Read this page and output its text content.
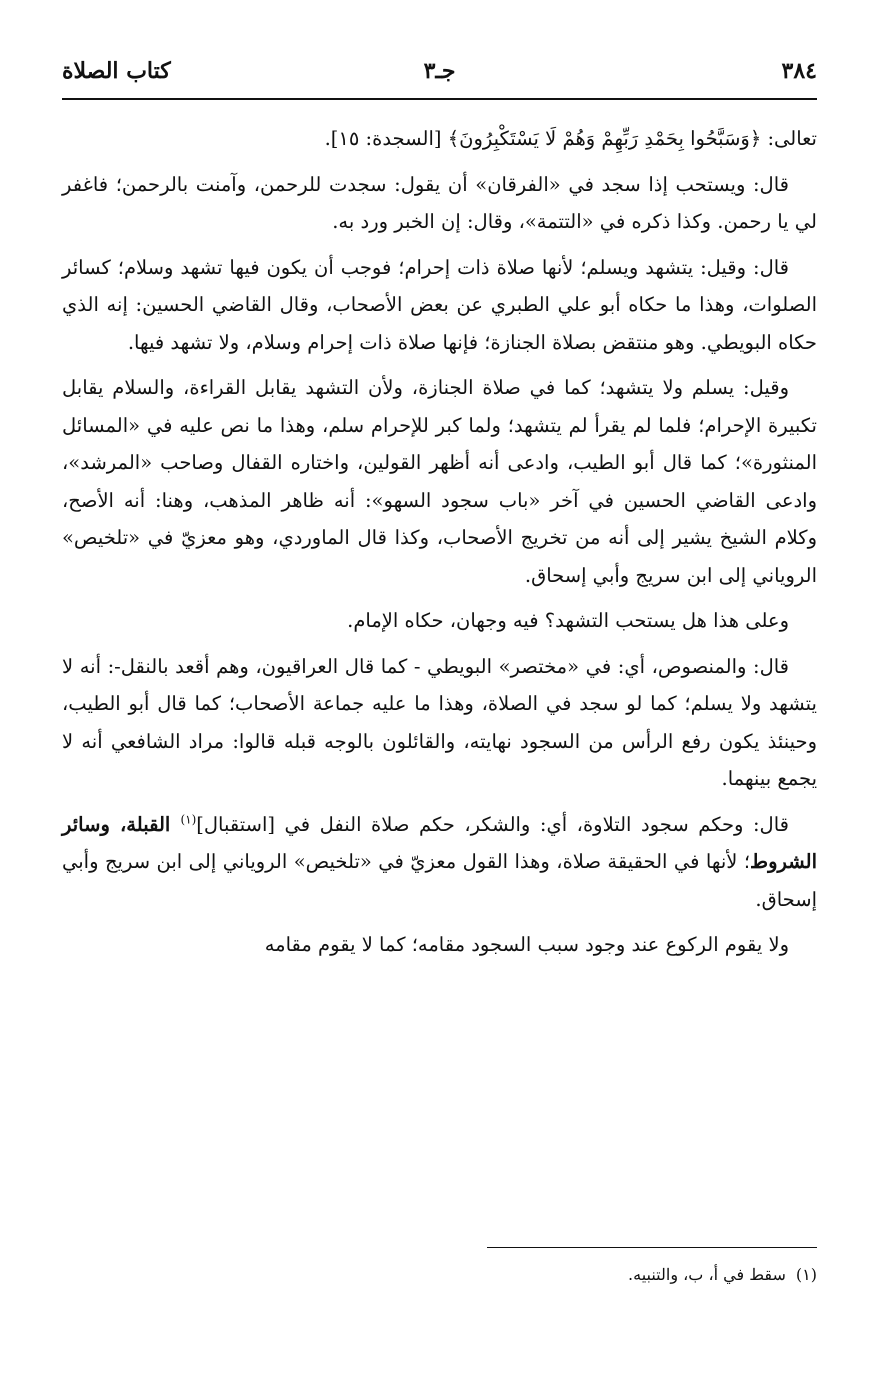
٣٨٤
جـ٣
كتاب الصلاة

تعالى: ﴿وَسَبَّحُوا بِحَمْدِ رَبِّهِمْ وَهُمْ لَا يَسْتَكْبِرُونَ﴾ [السجدة: ١٥].

قال: ويستحب إذا سجد في «الفرقان» أن يقول: سجدت للرحمن، وآمنت بالرحمن؛ فاغفر لي يا رحمن. وكذا ذكره في «التتمة»، وقال: إن الخبر ورد به.

قال: وقيل: يتشهد ويسلم؛ لأنها صلاة ذات إحرام؛ فوجب أن يكون فيها تشهد وسلام؛ كسائر الصلوات، وهذا ما حكاه أبو علي الطبري عن بعض الأصحاب، وقال القاضي الحسين: إنه الذي حكاه البويطي. وهو منتقض بصلاة الجنازة؛ فإنها صلاة ذات إحرام وسلام، ولا تشهد فيها.

وقيل: يسلم ولا يتشهد؛ كما في صلاة الجنازة، ولأن التشهد يقابل القراءة، والسلام يقابل تكبيرة الإحرام؛ فلما لم يقرأ لم يتشهد؛ ولما كبر للإحرام سلم، وهذا ما نص عليه في «المسائل المنثورة»؛ كما قال أبو الطيب، وادعى أنه أظهر القولين، واختاره القفال وصاحب «المرشد»، وادعى القاضي الحسين في آخر «باب سجود السهو»: أنه ظاهر المذهب، وهنا: أنه الأصح، وكلام الشيخ يشير إلى أنه من تخريج الأصحاب، وكذا قال الماوردي، وهو معزيّ في «تلخيص» الروياني إلى ابن سريج وأبي إسحاق.

وعلى هذا هل يستحب التشهد؟ فيه وجهان، حكاه الإمام.

قال: والمنصوص، أي: في «مختصر» البويطي - كما قال العراقيون، وهم أقعد بالنقل-: أنه لا يتشهد ولا يسلم؛ كما لو سجد في الصلاة، وهذا ما عليه جماعة الأصحاب؛ كما قال أبو الطيب، وحينئذ يكون رفع الرأس من السجود نهايته، والقائلون بالوجه قبله قالوا: مراد الشافعي أنه لا يجمع بينهما.

قال: وحكم سجود التلاوة، أي: والشكر، حكم صلاة النفل في [استقبال]$^{(١)}$ القبلة، وسائر الشروط؛ لأنها في الحقيقة صلاة، وهذا القول معزيّ في «تلخيص» الروياني إلى ابن سريج وأبي إسحاق.

ولا يقوم الركوع عند وجود سبب السجود مقامه؛ كما لا يقوم مقامه

(١)سقط في أ، ب، والتنبيه.
